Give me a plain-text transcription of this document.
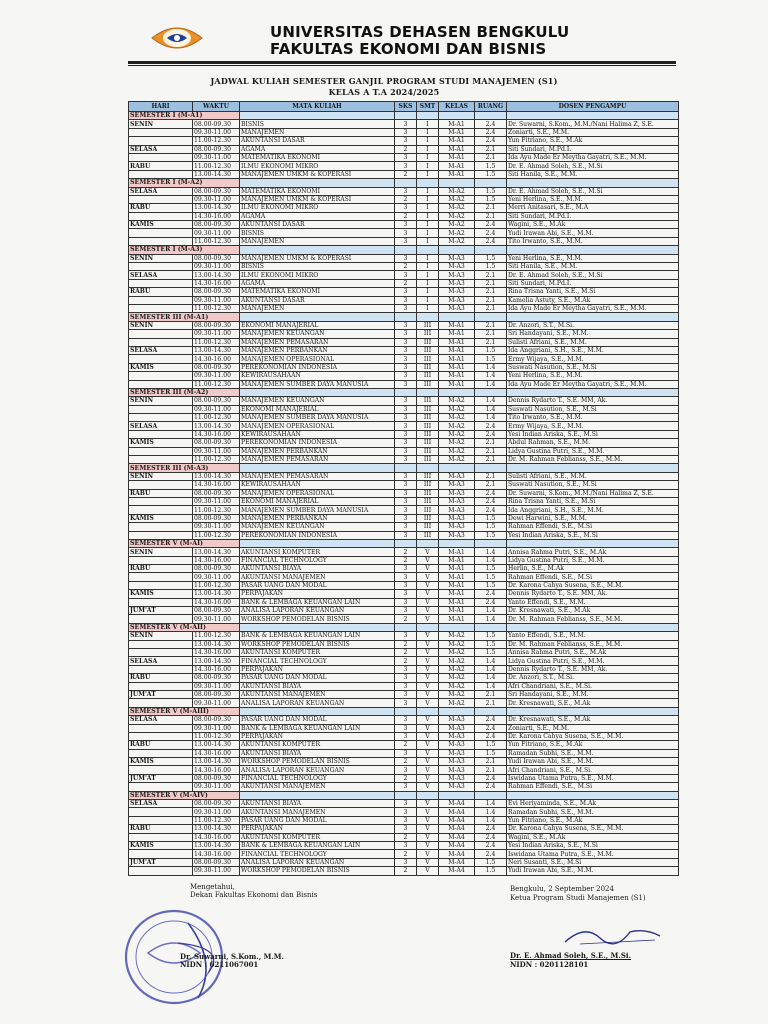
UNIVERSITAS DEHASEN BENGKULU
FAKULTAS EKONOMI DAN BISNIS
JADWAL KULIAH SEMESTER GANJIL PROGRAM STUDI MANAJEMEN (S1)
KELAS A T.A 2024/2025
HARI	WAKTU	MATA KULIAH	SKS	SMT	KELAS	RUANG	DOSEN PENGAMPU
SEMESTER I (M-A1)							
SENIN	08.00-09.30	BISNIS	3	I	M-A1	2.4	Dr. Suwarni, S.Kom., M.M./Nani Halima Z, S.E.
	09.30-11.00	MANAJEMEN	3	I	M-A1	2.4	Zoniarti, S.E., M.M.
	11.00-12.30	AKUNTANSI DASAR	3	I	M-A1	2.4	Yun Fitriano, S.E., M.Ak
SELASA	08.00-09.30	AGAMA	2	I	M-A1	2.1	Siti Sundari, M.Pd.I.
	09.30-11.00	MATEMATIKA EKONOMI	3	I	M-A1	2.1	Ida Ayu Made Er Meytha Gayatri, S.E., M.M.
RABU	11.00-12.30	ILMU EKONOMI MIKRO	3	I	M-A1	1.5	Dr. E. Ahmad Soleh, S.E., M.Si
	13.00-14.30	MANAJEMEN UMKM & KOPERASI	2	I	M-A1	1.5	Siti Hanila, S.E., M.M.
SEMESTER I (M-A2)							
SELASA	08.00-09.30	MATEMATIKA EKONOMI	3	I	M-A2	1.5	Dr. E. Ahmad Soleh, S.E., M.Si
	09.30-11.00	MANAJEMEN UMKM & KOPERASI	2	I	M-A2	1.5	Yeni Herlina, S.E., M.M.
RABU	13.00-14.30	ILMU EKONOMI MIKRO	3	I	M-A2	2.1	Merri Anitasari, S.E., M.A
	14.30-16.00	AGAMA	2	I	M-A2	2.1	Siti Sundari, M.Pd.I.
KAMIS	08.00-09.30	AKUNTANSI DASAR	3	I	M-A2	2.4	Wagini, S.E., M.Ak
	09.30-11.00	BISNIS	3	I	M-A2	2.4	Yudi Irawan Abi, S.E., M.M.
	11.00-12.30	MANAJEMEN	3	I	M-A2	2.4	Tito Irwanto, S.E., M.M.
SEMESTER I (M-A3)							
SENIN	08.00-09.30	MANAJEMEN UMKM & KOPERASI	3	I	M-A3	1.5	Yeni Herlina, S.E., M.M.
	09.30-11.00	BISNIS	2	I	M-A3	1.5	Siti Hanila, S.E., M.M.
SELASA	13.00-14.30	ILMU EKONOMI MIKRO	3	I	M-A3	2.1	Dr. E. Ahmad Soleh, S.E., M.Si
	14.30-16.00	AGAMA	2	I	M-A3	2.1	Siti Sundari, M.Pd.I.
RABU	08.00-09.30	MATEMATIKA EKONOMI	3	I	M-A3	2.1	Rina Trisna Yanti, S.E., M.Si
	09.30-11.00	AKUNTANSI DASAR	3	I	M-A3	2.1	Kamelia Astuty, S.E., M.Ak
	11.00-12.30	MANAJEMEN	3	I	M-A3	2.1	Ida Ayu Made Er Meytha Gayatri, S.E., M.M.
SEMESTER III (M-A1)							
SENIN	08.00-09.30	EKONOMI MANAJERIAL	3	III	M-A1	2.1	Dr. Anzori, S.T., M.Si.
	09.30-11.00	MANAJEMEN KEUANGAN	3	III	M-A1	2.1	Sri Handayani, S.E., M.M.
	11.00-12.30	MANAJEMEN PEMASARAN	3	III	M-A1	2.1	Sulisti Afriani, S.E., M.M.
SELASA	13.00-14.30	MANAJEMEN PERBANKAN	3	III	M-A1	1.5	Ida Anggriani, S.H., S.E., M.M.
	14.30-16.00	MANAJEMEN OPERASIONAL	3	III	M-A1	1.5	Ermy Wijaya, S.E., M.M.
KAMIS	08.00-09.30	PEREKONOMIAN INDONESIA	3	III	M-A1	1.4	Suswati Nasution, S.E., M.Si
	09.30-11.00	KEWIRAUSAHAAN	3	III	M-A1	1.4	Yeni Herlina, S.E., M.M.
	11.00-12.30	MANAJEMEN SUMBER DAYA MANUSIA	3	III	M-A1	1.4	Ida Ayu Made Er Meytha Gayatri, S.E., M.M.
SEMESTER III (M-A2)							
SENIN	08.00-09.30	MANAJEMEN KEUANGAN	3	III	M-A2	1.4	Dennis Rydarto T., S.E. MM, Ak.
	09.30-11.00	EKONOMI MANAJERIAL	3	III	M-A2	1.4	Suswati Nasution, S.E., M.Si
	11.00-12.30	MANAJEMEN SUMBER DAYA MANUSIA	3	III	M-A2	1.4	Tito Irwanto, S.E., M.M.
SELASA	13.00-14.30	MANAJEMEN OPERASIONAL	3	III	M-A2	2.4	Ermy Wijaya, S.E., M.M.
	14.30-16.00	KEWIRAUSAHAAN	3	III	M-A2	2.4	Yesi Indian Ariska, S.E., M.Si
KAMIS	08.00-09.30	PEREKONOMIAN INDONESIA	3	III	M-A2	2.1	Abdul Rahman, S.E., M.M.
	09.30-11.00	MANAJEMEN PERBANKAN	3	III	M-A2	2.1	Lidya Gustina Putri, S.E., M.M.
	11.00-12.30	MANAJEMEN PEMASARAN	3	III	M-A2	2.1	Dr. M. Rahman Feblianss, S.E., M.M.
SEMESTER III (M-A3)							
SENIN	13.00-14.30	MANAJEMEN PEMASARAN	3	III	M-A3	2.1	Sulisti Afriani, S.E., M.M.
	14.30-16.00	KEWIRAUSAHAAN	3	III	M-A3	2.1	Suswati Nasution, S.E., M.Si
RABU	08.00-09.30	MANAJEMEN OPERASIONAL	3	III	M-A3	2.4	Dr. Suwarni, S.Kom., M.M./Nani Halima Z, S.E.
	09.30-11.00	EKONOMI MANAJERIAL	3	III	M-A3	2.4	Rina Trisna Yanti, S.E., M.Si
	11.00-12.30	MANAJEMEN SUMBER DAYA MANUSIA	3	III	M-A3	2.4	Ida Anggriani, S.H., S.E., M.M.
KAMIS	08.00-09.30	MANAJEMEN PERBANKAN	3	III	M-A3	1.5	Dewi Harwini, S.E., M.M.
	09.30-11.00	MANAJEMEN KEUANGAN	3	III	M-A3	1.5	Rahman Effendi, S.E., M.Si
	11.00-12.30	PEREKONOMIAN INDONESIA	3	III	M-A3	1.5	Yesi Indian Ariska, S.E., M.Si
SEMESTER V (M-AI)							
SENIN	13.00-14.30	AKUNTANSI KOMPUTER	2	V	M-A1	1.4	Annisa Rahma Putri, S.E., M.Ak
	14.30-16.00	FINANCIAL TECHNOLOGY	2	V	M-A1	1.4	Lidya Gustina Putri, S.E., M.M.
RABU	08.00-09.30	AKUNTANSI BIAYA	3	V	M-A1	1.5	Herlin, S.E., M.Ak
	09.30-11.00	AKUNTANSI MANAJEMEN	3	V	M-A1	1.5	Rahman Effendi, S.E., M.Si
	11.00-12.30	PASAR UANG DAN MODAL	3	V	M-A1	1.5	Dr. Karona Cahya Susena, S.E., M.M.
KAMIS	13.00-14.30	PERPAJAKAN	3	V	M-A1	2.4	Dennis Rydarto T., S.E. MM, Ak.
	14.30-16.00	BANK & LEMBAGA KEUANGAN LAIN	3	V	M-A1	2.4	Yanto Effendi, S.E., M.M.
JUM'AT	08.00-09.30	ANALISA LAPORAN KEUANGAN	3	V	M-A1	1.4	Dr. Kresnawati, S.E., M.Ak
	09.30-11.00	WORKSHOP PEMODELAN BISNIS	2	V	M-A1	1.4	Dr. M. Rahman Feblianss, S.E., M.M.
SEMESTER V (M-AII)							
SENIN	11.00-12.30	BANK & LEMBAGA KEUANGAN LAIN	3	V	M-A2	1.5	Yanto Effendi, S.E., M.M.
	13.00-14.30	WORKSHOP PEMODELAN BISNIS	2	V	M-A2	1.5	Dr. M. Rahman Feblianss, S.E., M.M.
	14.30-16.00	AKUNTANSI KOMPUTER	2	V	M-A2	1.5	Annisa Rahma Putri, S.E., M.Ak
SELASA	13.00-14.30	FINANCIAL TECHNOLOGY	2	V	M-A2	1.4	Lidya Gustina Putri, S.E., M.M.
	14.30-16.00	PERPAJAKAN	3	V	M-A2	1.4	Dennis Rydarto T., S.E. MM, Ak.
RABU	08.00-09.30	PASAR UANG DAN MODAL	3	V	M-A2	1.4	Dr. Anzori, S.T., M.Si.
	09.30-11.00	AKUNTANSI BIAYA	3	V	M-A2	1.4	Afri Chandriani, S.E., M.Si.
JUM'AT	08.00-09.30	AKUNTANSI MANAJEMEN	3	V	M-A2	2.1	Sri Handayani, S.E., M.M.
	09.30-11.00	ANALISA LAPORAN KEUANGAN	3	V	M-A2	2.1	Dr. Kresnawati, S.E., M.Ak
SEMESTER V (M-AIII)							
SELASA	08.00-09.30	PASAR UANG DAN MODAL	3	V	M-A3	2.4	Dr. Kresnawati, S.E., M.Ak
	09.30-11.00	BANK & LEMBAGA KEUANGAN LAIN	3	V	M-A3	2.4	Zoniarti, S.E., M.M.
	11.00-12.30	PERPAJAKAN	3	V	M-A3	2.4	Dr. Karona Cahya Susena, S.E., M.M.
RABU	13.00-14.30	AKUNTANSI KOMPUTER	2	V	M-A3	1.5	Yun Fitriano, S.E., M.Ak
	14.30-16.00	AKUNTANSI BIAYA	3	V	M-A3	1.5	Ramadan Subhi, S.E., M.M.
KAMIS	13.00-14.30	WORKSHOP PEMODELAN BISNIS	2	V	M-A3	2.1	Yudi Irawan Abi, S.E., M.M.
	14.30-16.00	ANALISA LAPORAN KEUANGAN	3	V	M-A3	2.1	Afri Chandriani, S.E., M.Si.
JUM'AT	08.00-09.30	FINANCIAL TECHNOLOGY	2	V	M-A3	2.4	Iswidana Utama Putra, S.E., M.M.
	09.30-11.00	AKUNTANSI MANAJEMEN	3	V	M-A3	2.4	Rahman Effendi, S.E., M.Si
SEMESTER V (M-AIV)							
SELASA	08.00-09.30	AKUNTANSI BIAYA	3	V	M-A4	1.4	Evi Heriyaminda, S.E., M.Ak
	09.30-11.00	AKUNTANSI MANAJEMEN	3	V	M-A4	1.4	Ramadan Subhi, S.E., M.M.
	11.00-12.30	PASAR UANG DAN MODAL	3	V	M-A4	1.4	Yun Fitriano, S.E., M.Ak
RABU	13.00-14.30	PERPAJAKAN	3	V	M-A4	2.4	Dr. Karona Cahya Susena, S.E., M.M.
	14.30-16.00	AKUNTANSI KOMPUTER	2	V	M-A4	2.4	Wagini, S.E., M.Ak
KAMIS	13.00-14.30	BANK & LEMBAGA KEUANGAN LAIN	3	V	M-A4	2.4	Yesi Indian Ariska, S.E., M.Si
	14.30-16.00	FINANCIAL TECHNOLOGY	2	V	M-A4	2.4	Iswidana Utama Putra, S.E., M.M.
JUM'AT	08.00-09.30	ANALISA LAPORAN KEUANGAN	3	V	M-A4	1.5	Neri Susanti, S.E., M.Si
	09.30-11.00	WORKSHOP PEMODELAN BISNIS	2	V	M-A4	1.5	Yudi Irawan Abi, S.E., M.M.
Mengetahui,
Dekan Fakultas Ekonomi dan Bisnis
Dr. Suwarni, S.Kom., M.M.
NIDN : 0211067001
Bengkulu, 2 September 2024
Ketua Program Studi Manajemen (S1)
Dr. E. Ahmad Soleh, S.E., M.Si.
NIDN : 0201128101
